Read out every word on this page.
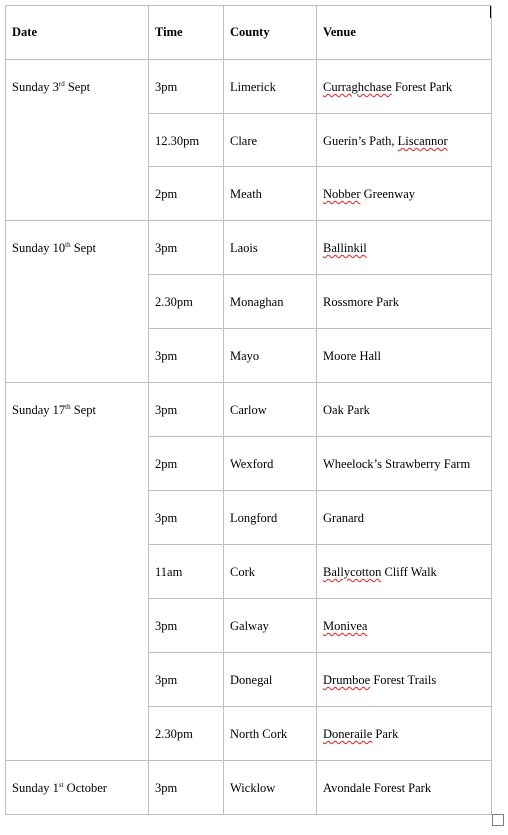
Date	Time	County	Venue
Sunday 3rd Sept	3pm	Limerick	Curraghchase Forest Park
	12.30pm	Clare	Guerin’s Path, Liscannor
	2pm	Meath	Nobber Greenway
Sunday 10th Sept	3pm	Laois	Ballinkil
	2.30pm	Monaghan	Rossmore Park
	3pm	Mayo	Moore Hall
Sunday 17th Sept	3pm	Carlow	Oak Park
	2pm	Wexford	Wheelock’s Strawberry Farm
	3pm	Longford	Granard
	11am	Cork	Ballycotton Cliff Walk
	3pm	Galway	Monivea
	3pm	Donegal	Drumboe Forest Trails
	2.30pm	North Cork	Doneraile Park
Sunday 1st October	3pm	Wicklow	Avondale Forest Park
